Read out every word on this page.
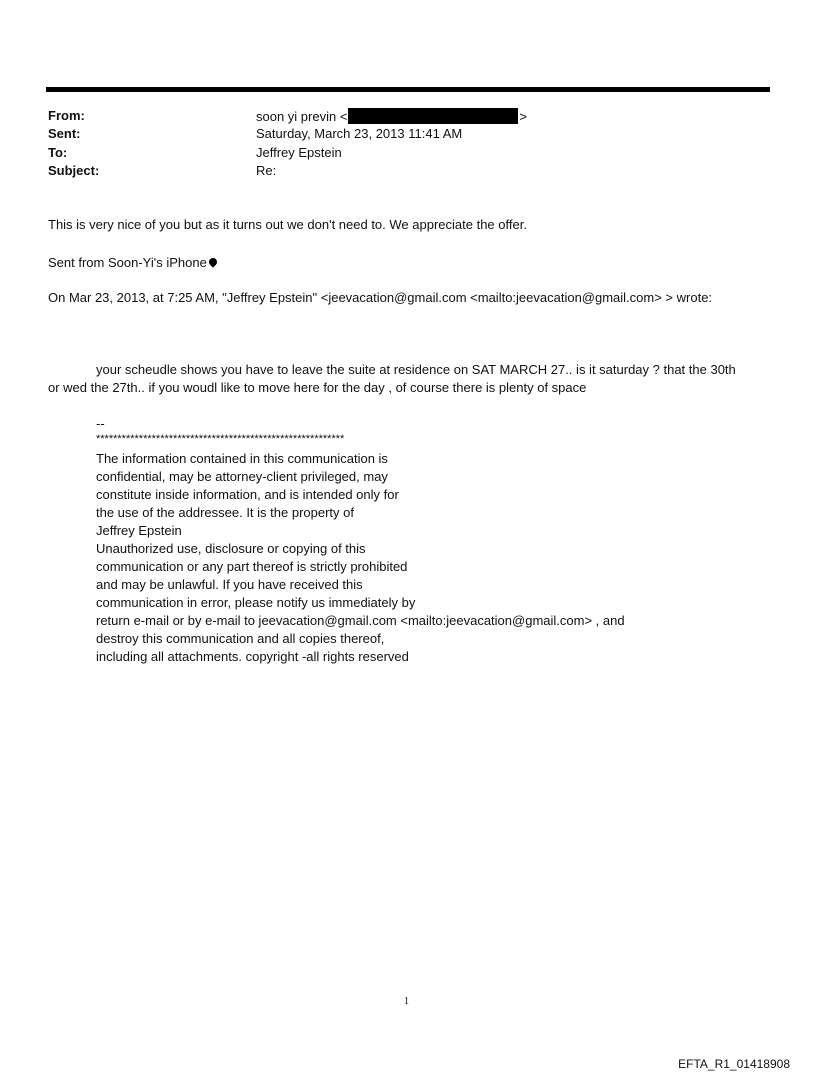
From:	soon yi previn <	>
Sent:	Saturday, March 23, 2013 11:41 AM
To:	Jeffrey Epstein
Subject:	Re:
This is very nice of you but as it turns out we don't need to. We appreciate the offer.
Sent from Soon-Yi's iPhone
On Mar 23, 2013, at 7:25 AM, "Jeffrey Epstein" <jeevacation@gmail.com <mailto:jeevacation@gmail.com> > wrote:
your scheudle shows you have to leave the suite at residence on SAT MARCH 27.. is it saturday ? that the 30th
or wed the 27th.. if you woudl like to move here for the day , of course there is plenty of space
--
**********************************************************
The information contained in this communication is
confidential, may be attorney-client privileged, may
constitute inside information, and is intended only for
the use of the addressee. It is the property of
Jeffrey Epstein
Unauthorized use, disclosure or copying of this
communication or any part thereof is strictly prohibited
and may be unlawful. If you have received this
communication in error, please notify us immediately by
return e-mail or by e-mail to jeevacation@gmail.com <mailto:jeevacation@gmail.com> , and
destroy this communication and all copies thereof,
including all attachments. copyright -all rights reserved
1
EFTA_R1_01418908
